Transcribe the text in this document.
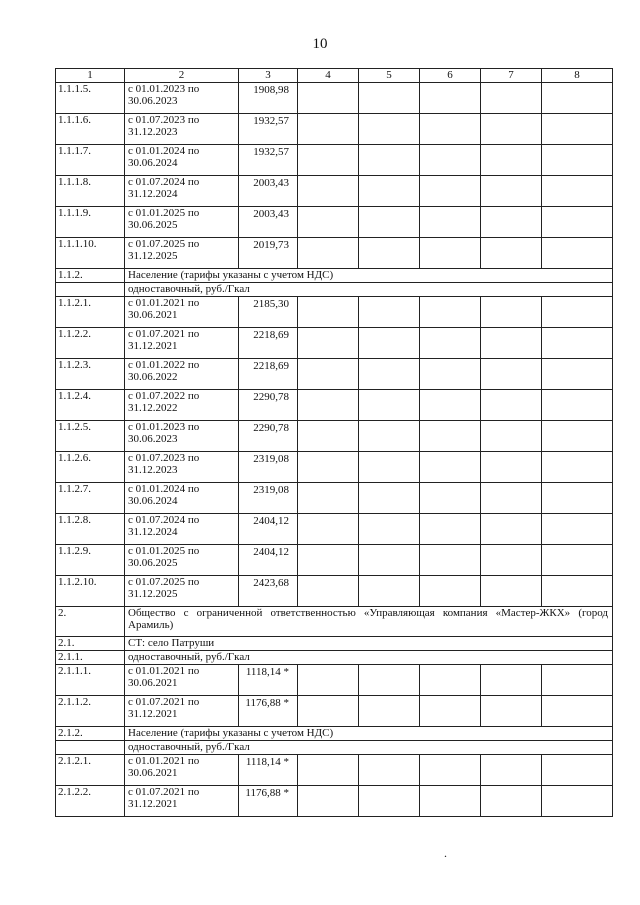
10
1	2	3	4	5	6	7	8
1.1.1.5.	с 01.01.2023 по 30.06.2023	1908,98					
1.1.1.6.	с 01.07.2023 по 31.12.2023	1932,57					
1.1.1.7.	с 01.01.2024 по 30.06.2024	1932,57					
1.1.1.8.	с 01.07.2024 по 31.12.2024	2003,43					
1.1.1.9.	с 01.01.2025 по 30.06.2025	2003,43					
1.1.1.10.	с 01.07.2025 по 31.12.2025	2019,73					
1.1.2.	Население (тарифы указаны с учетом НДС)						
	одноставочный, руб./Гкал						
1.1.2.1.	с 01.01.2021 по 30.06.2021	2185,30					
1.1.2.2.	с 01.07.2021 по 31.12.2021	2218,69					
1.1.2.3.	с 01.01.2022 по 30.06.2022	2218,69					
1.1.2.4.	с 01.07.2022 по 31.12.2022	2290,78					
1.1.2.5.	с 01.01.2023 по 30.06.2023	2290,78					
1.1.2.6.	с 01.07.2023 по 31.12.2023	2319,08					
1.1.2.7.	с 01.01.2024 по 30.06.2024	2319,08					
1.1.2.8.	с 01.07.2024 по 31.12.2024	2404,12					
1.1.2.9.	с 01.01.2025 по 30.06.2025	2404,12					
1.1.2.10.	с 01.07.2025 по 31.12.2025	2423,68					
2.	Общество с ограниченной ответственностью «Управляющая компания «Мастер-ЖКХ» (город Арамиль)						
2.1.	СТ: село Патруши						
2.1.1.	одноставочный, руб./Гкал						
2.1.1.1.	с 01.01.2021 по 30.06.2021	1118,14 *					
2.1.1.2.	с 01.07.2021 по 31.12.2021	1176,88 *					
2.1.2.	Население (тарифы указаны с учетом НДС)						
	одноставочный, руб./Гкал						
2.1.2.1.	с 01.01.2021 по 30.06.2021	1118,14 *					
2.1.2.2.	с 01.07.2021 по 31.12.2021	1176,88 *					
.
